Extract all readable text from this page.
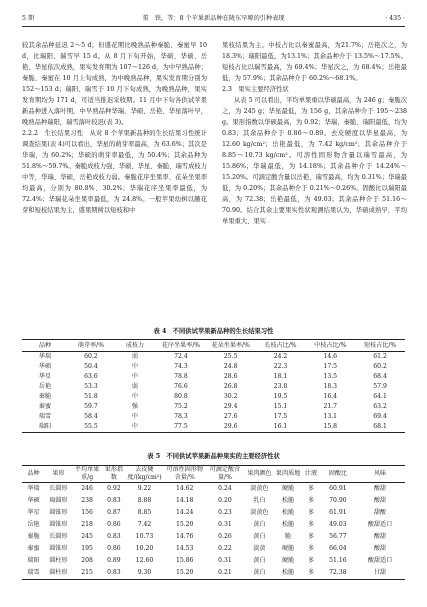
5 期	董　铁，等：8 个苹果新品种在陇东旱塬的引种表现	· 435 ·

较其余品种延迟 2～5 d；但盛花期比晚熟品种秦脆、秦蜜早 10 d，比瑞阳、瑞雪早 15 d。从 8 月下旬开始，华硕、华硕、岳艳、华星依次成熟，果实发育期为 107～126 d，为中早熟品种；秦脆、秦蜜在 10 月上旬成熟，为中晚熟品种，果实发育期分别为 152～153 d；瑞阳、瑞雪于 10 月下旬成熟，为晚熟品种，果实发育期均为 171 d，可适当推迟采收期。11 月中下旬各供试苹果新品种进入落叶期，中早熟品种华瑞、华硕、岳艳、华星落叶早，晚熟品种瑞阳，瑞雪落叶较迟(表 3)。

2.2.2　生长结果习性　从对 8 个苹果新品种的生长结果习性统计调查结果(表 4)可以看出，华星的萌芽率最高，为 63.6%；其次是华瑞，为 60.2%；华硕的萌芽率最低，为 50.4%；其余品种为 51.8%～59.7%。秦脆成枝力强、华硕、华星、秦脆、瑞雪成枝力中等，华瑞、华硕、岳艳成枝力弱。秦脆花序坐果率、花朵坐果率均最高，分别为 80.8%、30.2%；华瑞花序坐果率最低，为 72.4%；华瑞花朵坐果率最低，为 24.8%。一般苹果幼树以腋花芽和短枝结果为主，盛果期树以短枝和中

果枝结果为主。中枝占比以秦蜜最高，为21.7%；岳艳次之，为18.3%；瑞阳最低，为13.1%；其余品种介于 13.5%～17.5%。短枝占比以瑞雪最高，为 69.4%；华星次之，为 68.4%；岳艳最低，为 57.9%；其余品种介于 60.2%～68.1%。

2.3　果实主要经济性状

从表 5 可以看出，平均单果重以华硕最高，为 246 g；秦脆次之，为 245 g；华星最低，为 156 g，其余品种介于 195～238 g。果形指数以华硕最高，为 0.92；华瑞、秦脆、瑞阳最低，均为 0.83；其余品种介于 0.86～0.89。去皮硬度以华星最高，为 12.60 kg/cm²；岳艳最低，为 7.42 kg/cm²；其余品种介于 8.85～10.73 kg/cm²。可溶性固形物含量以瑞雪最高，为 15.86%；华瑞最低，为 14.18%；其余品种介于 14.24%～15.20%。可滴定酸含量以岳艳、瑞雪最高，均为 0.31%；华瑞最低，为 0.20%；其余品种介于 0.21%～0.26%。固酸比以瑞阳最高，为 72.38；岳艳最低，为 49.03；其余品种介于 51.16～70.90。结合其余主要果实性状观测结果认为，华硕成熟早，平均单果重大、果实

表 4　不同供试苹果新品种的生长结果习性
品种	萌芽率/%	成枝力	花序坐果率/%	花朵坐果率/%	长枝占比/%	中枝占比/%	短枝占比/%
华瑞	60.2	弱	72.4	25.5	24.2	14.6	61.2
华硕	50.4	中	74.3	24.8	22.3	17.5	60.2
华星	63.6	中	78.8	28.6	18.1	13.5	68.4
岳艳	53.3	弱	76.6	26.8	23.8	18.3	57.9
秦脆	51.8	中	80.8	30.2	19.5	16.4	64.1
秦蜜	59.7	强	75.2	29.4	15.1	21.7	63.2
瑞雪	58.4	中	78.3	27.6	17.5	13.1	69.4
瑞阳	55.5	中	77.5	29.6	16.1	15.8	68.1
表 5　不同供试苹果新品种果实的主要经济性状
品种	果形	平均单果重/g	果形指数	去皮硬度/(kg/cm²)	可溶性固形物含量/%	可滴定酸含量/%		果肉颜色	果肉质地	汁液	固酸比	风味
华瑞	长圆形	246	0.92	9.22	14.62	0.24		淡黄色	硬脆	多	60.91	酸甜
华硕	扁圆形	238	0.83	8.88	14.18	0.20		乳白	松脆	多	70.90	酸甜
华星	圆锥形	156	0.87	8.85	14.24	0.23		淡黄色	松脆	多	61.91	甜酸
岳艳	圆锥形	218	0.86	7.42	15.20	0.31		黄白	松脆	多	49.03	酸甜适口
秦脆	长圆形	245	0.83	10.73	14.76	0.26		黄白	脆	多	56.77	酸甜
秦蜜	圆锥形	195	0.86	10.20	14.53	0.22		淡黄	硬脆	多	66.04	酸甜
瑞阳	圆柱形	208	0.89	12.60	15.86	0.31		黄白	硬脆	多	51.16	酸甜适口
瑞雪	圆柱形	215	0.83	9.30	15.20	0.21		黄白	松脆	多	72.38	甘甜
